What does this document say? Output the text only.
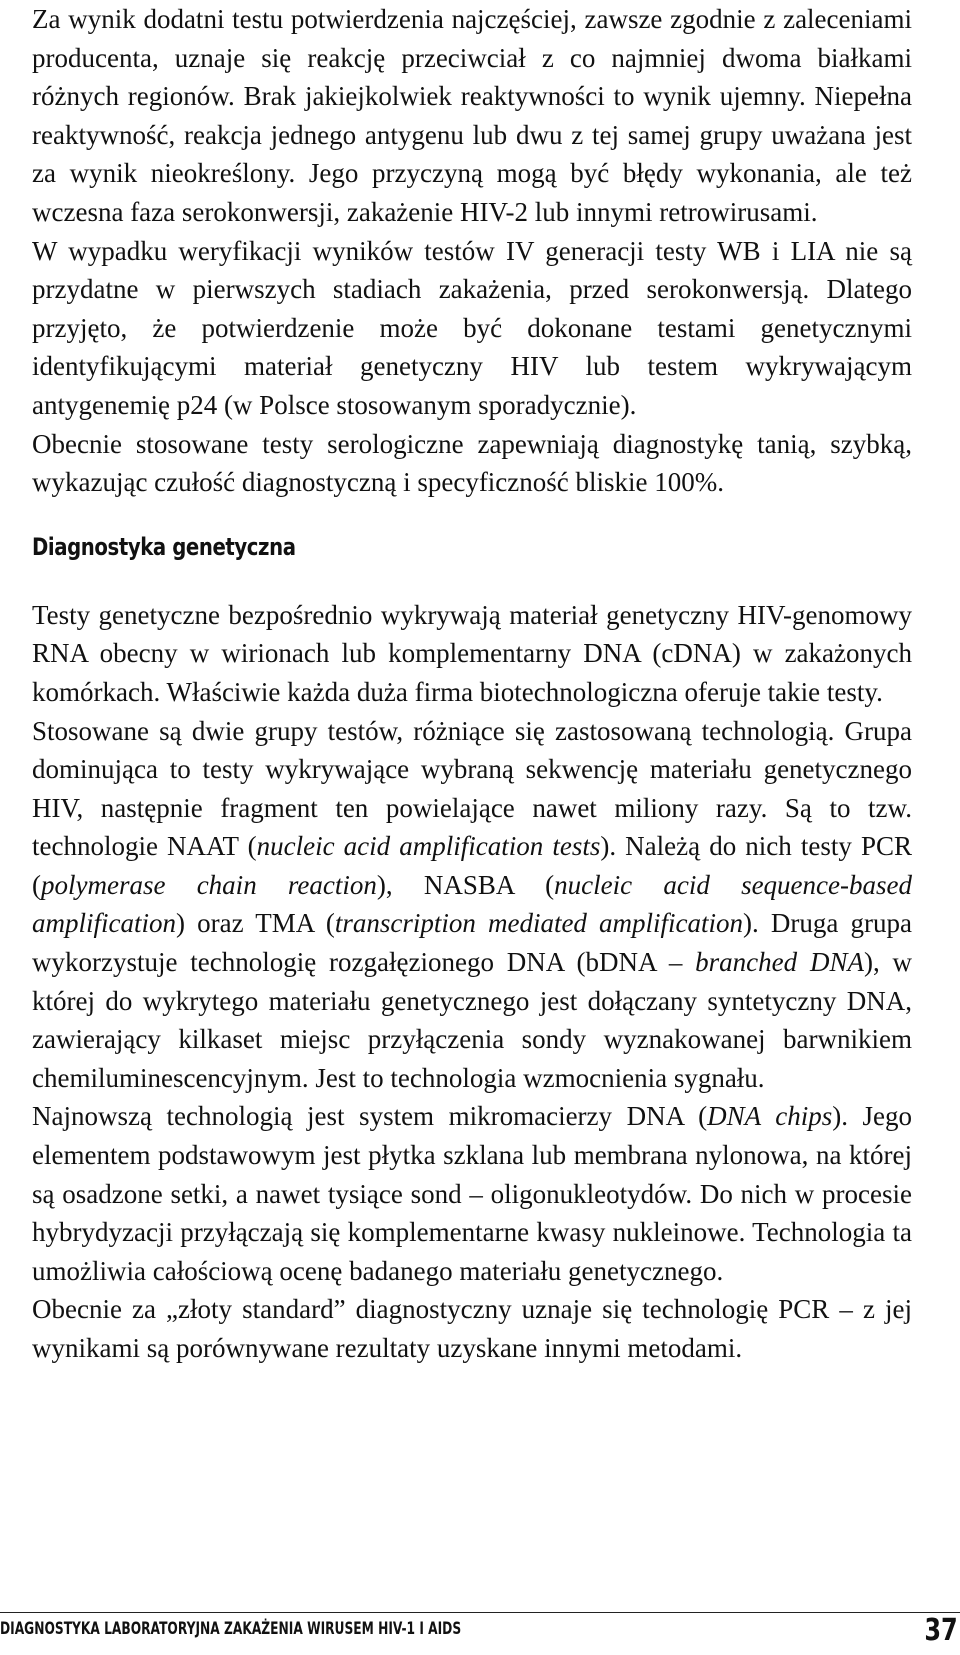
Za wynik dodatni testu potwierdzenia najczęściej, zawsze zgodnie z zaleceniami producenta, uznaje się reakcję przeciwciał z co najmniej dwoma białkami różnych regionów. Brak jakiejkolwiek reaktywności to wynik ujemny. Niepełna reaktywność, reakcja jednego antygenu lub dwu z tej samej grupy uważana jest za wynik nieokreślony. Jego przyczyną mogą być błędy wykonania, ale też wczesna faza serokonwersji, zakażenie HIV-2 lub innymi retrowirusami.

W wypadku weryfikacji wyników testów IV generacji testy WB i LIA nie są przydatne w pierwszych stadiach zakażenia, przed serokonwersją. Dlatego przyjęto, że potwierdzenie może być dokonane testami genetycznymi identyfikującymi materiał genetyczny HIV lub testem wykrywającym antygenemię p24 (w Polsce stosowanym sporadycznie).

Obecnie stosowane testy serologiczne zapewniają diagnostykę tanią, szybką, wykazując czułość diagnostyczną i specyficzność bliskie 100%.

Diagnostyka genetyczna

Testy genetyczne bezpośrednio wykrywają materiał genetyczny HIV-genomowy RNA obecny w wirionach lub komplementarny DNA (cDNA) w zakażonych komórkach. Właściwie każda duża firma biotechnologiczna oferuje takie testy.

Stosowane są dwie grupy testów, różniące się zastosowaną technologią. Grupa dominująca to testy wykrywające wybraną sekwencję materiału genetycznego HIV, następnie fragment ten powielające nawet miliony razy. Są to tzw. technologie NAAT (nucleic acid amplification tests). Należą do nich testy PCR (polymerase chain reaction), NASBA (nucleic acid sequence-based amplification) oraz TMA (transcription mediated amplification). Druga grupa wykorzystuje technologię rozgałęzionego DNA (bDNA – branched DNA), w której do wykrytego materiału genetycznego jest dołączany syntetyczny DNA, zawierający kilkaset miejsc przyłączenia sondy wyznakowanej barwnikiem chemiluminescencyjnym. Jest to technologia wzmocnienia sygnału.

Najnowszą technologią jest system mikromacierzy DNA (DNA chips). Jego elementem podstawowym jest płytka szklana lub membrana nylonowa, na której są osadzone setki, a nawet tysiące sond – oligonukleotydów. Do nich w procesie hybrydyzacji przyłączają się komplementarne kwasy nukleinowe. Technologia ta umożliwia całościową ocenę badanego materiału genetycznego.

Obecnie za „złoty standard” diagnostyczny uznaje się technologię PCR – z jej wynikami są porównywane rezultaty uzyskane innymi metodami.

DIAGNOSTYKA LABORATORYJNA ZAKAŻENIA WIRUSEM HIV-1 I AIDS	37
